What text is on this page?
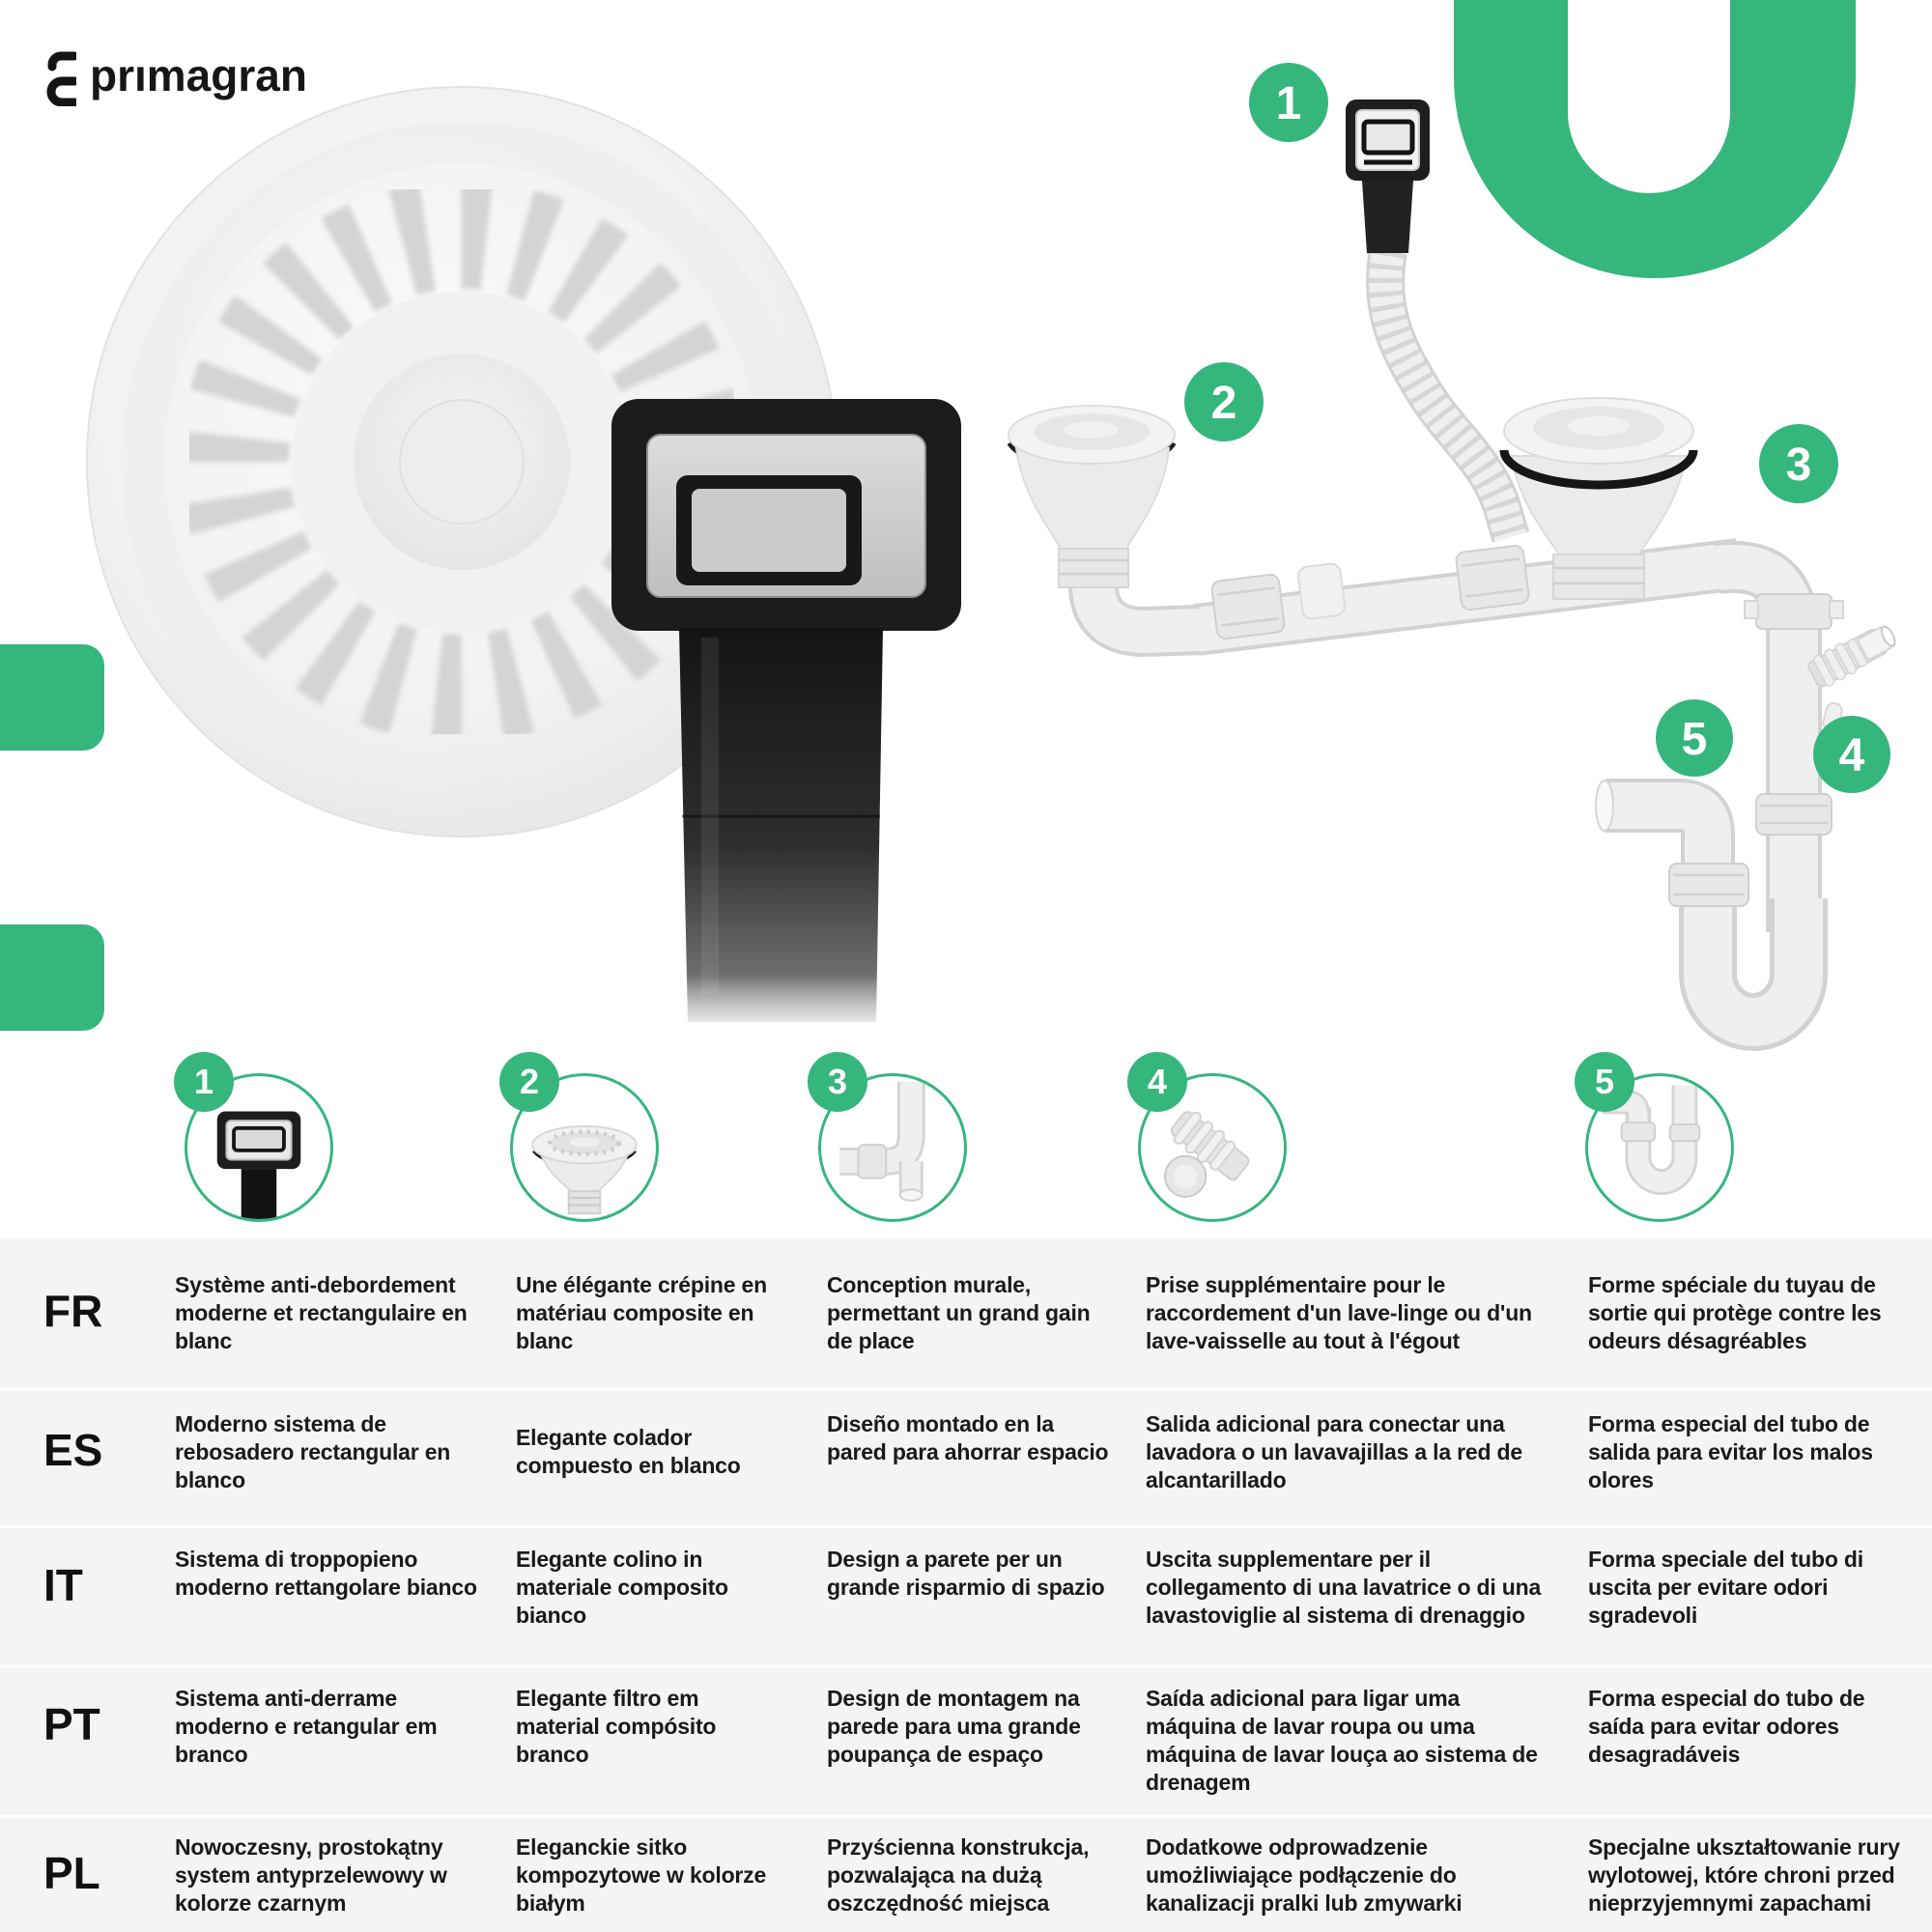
prımagran
1
2
3
4
5
1	2	3	4	5
FR
Système anti-debordement moderne et rectangulaire en blanc
Une élégante crépine en matériau composite en blanc
Conception murale, permettant un grand gain de place
Prise supplémentaire pour le raccordement d'un lave-linge ou d'un lave-vaisselle au tout à l'égout
Forme spéciale du tuyau de sortie qui protège contre les odeurs désagréables
ES
Moderno sistema de rebosadero rectangular en blanco
Elegante colador compuesto en blanco
Diseño montado en la pared para ahorrar espacio
Salida adicional para conectar una lavadora o un lavavajillas a la red de alcantarillado
Forma especial del tubo de salida para evitar los malos olores
IT
Sistema di troppopieno moderno rettangolare bianco
Elegante colino in materiale composito bianco
Design a parete per un grande risparmio di spazio
Uscita supplementare per il collegamento di una lavatrice o di una lavastoviglie al sistema di drenaggio
Forma speciale del tubo di uscita per evitare odori sgradevoli
PT
Sistema anti-derrame moderno e retangular em branco
Elegante filtro em material compósito branco
Design de montagem na parede para uma grande poupança de espaço
Saída adicional para ligar uma máquina de lavar roupa ou uma máquina de lavar louça ao sistema de drenagem
Forma especial do tubo de saída para evitar odores desagradáveis
PL
Nowoczesny, prostokątny system antyprzelewowy w kolorze czarnym
Eleganckie sitko kompozytowe w kolorze białym
Przyścienna konstrukcja, pozwalająca na dużą oszczędność miejsca
Dodatkowe odprowadzenie umożliwiające podłączenie do kanalizacji pralki lub zmywarki
Specjalne ukształtowanie rury wylotowej, które chroni przed nieprzyjemnymi zapachami
